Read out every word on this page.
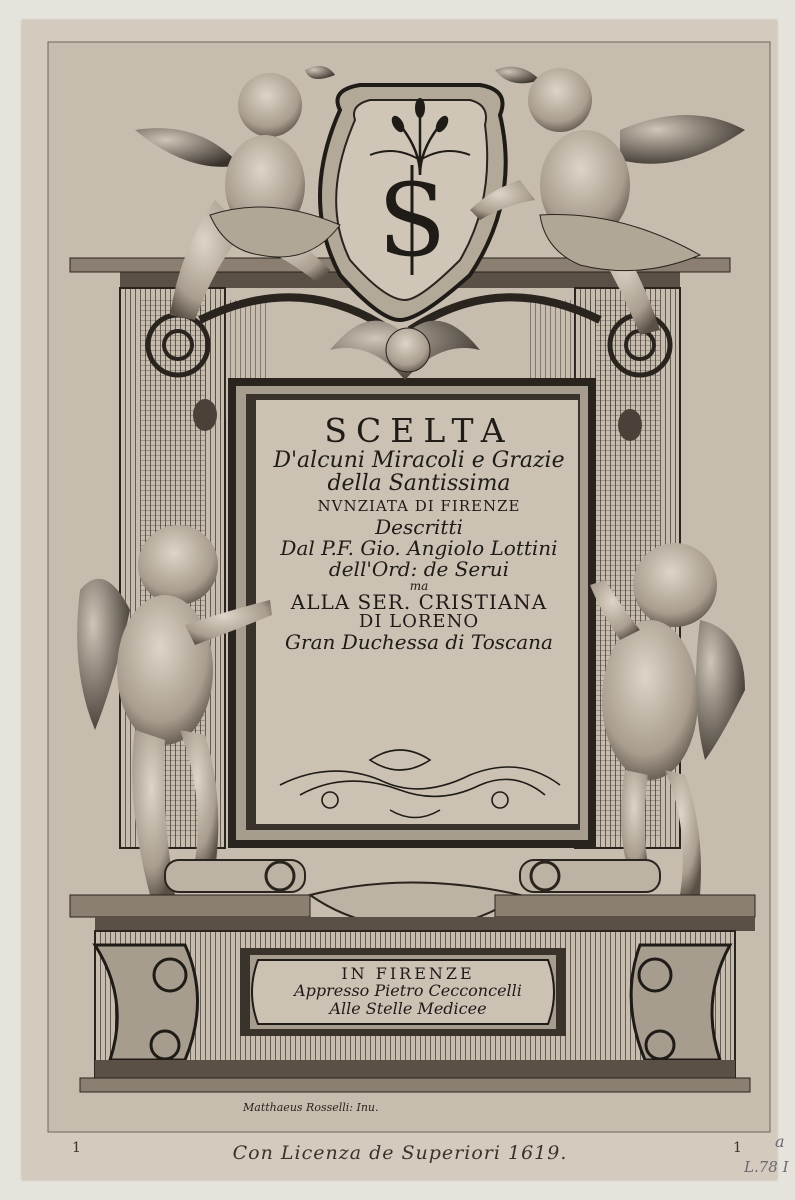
S
SCELTA
D'alcuni Miracoli e Grazie
della Santissima
NVNZIATA DI FIRENZE
Descritti
Dal P.F. Gio. Angiolo Lottini
dell'Ord: de Serui
ma
ALLA SER. CRISTIANA
DI LORENO
Gran Duchessa di Toscana
IN FIRENZE
Appresso Pietro Cecconcelli
Alle Stelle Medicee
Matthaeus Rosselli: Inu.
Con Licenza de Superiori 1619.
1	1 a
L.78 I
